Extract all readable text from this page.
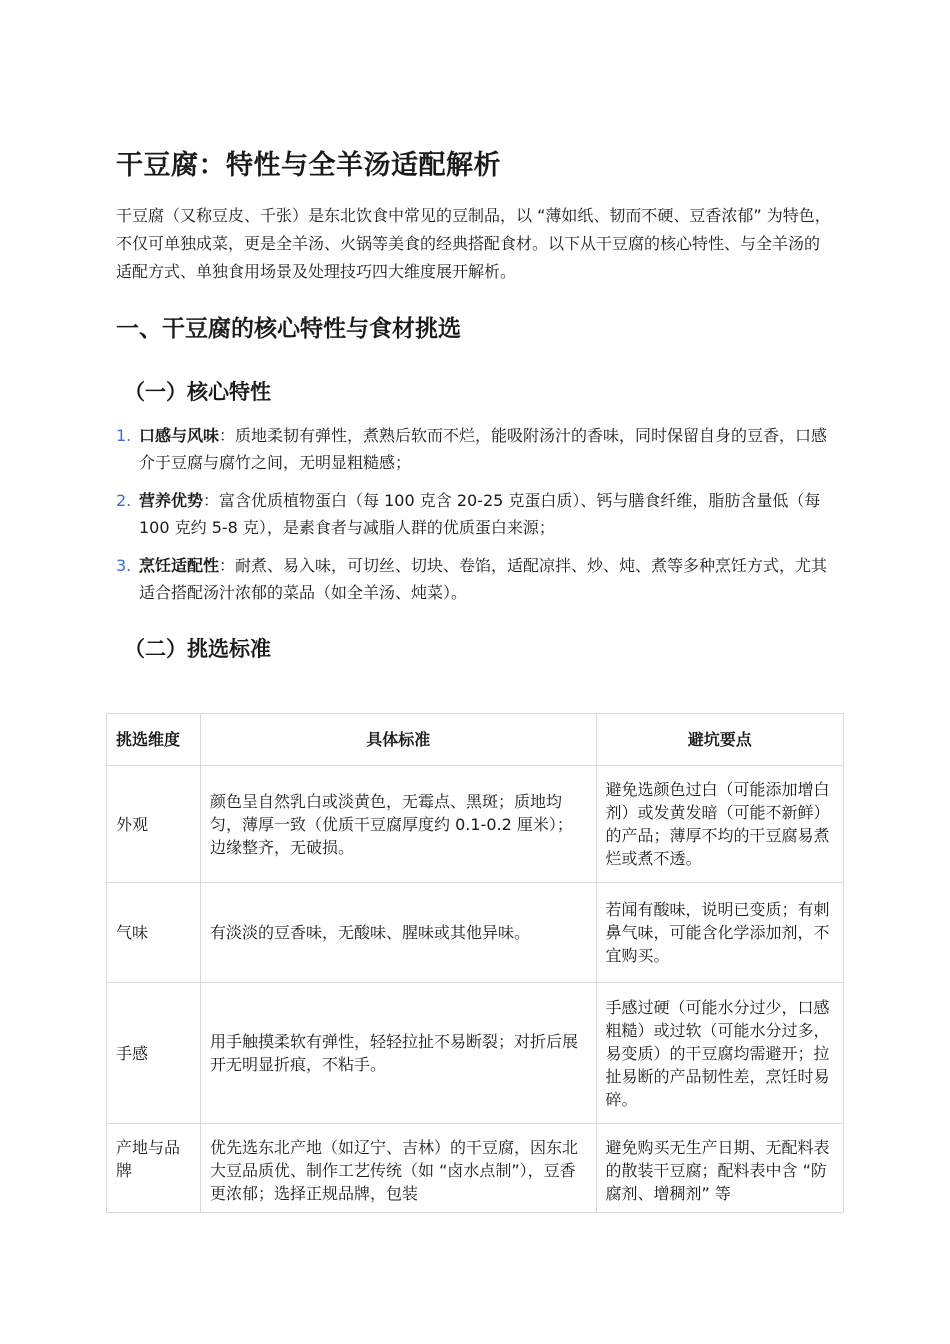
干豆腐：特性与全羊汤适配解析

干豆腐（又称豆皮、千张）是东北饮食中常见的豆制品，以 “薄如纸、韧而不硬、豆香浓郁” 为特色，不仅可单独成菜，更是全羊汤、火锅等美食的经典搭配食材。以下从干豆腐的核心特性、与全羊汤的适配方式、单独食用场景及处理技巧四大维度展开解析。

一、干豆腐的核心特性与食材挑选
（一）核心特性
1. 口感与风味：质地柔韧有弹性，煮熟后软而不烂，能吸附汤汁的香味，同时保留自身的豆香，口感介于豆腐与腐竹之间，无明显粗糙感；
2. 营养优势：富含优质植物蛋白（每 100 克含 20-25 克蛋白质）、钙与膳食纤维，脂肪含量低（每 100 克约 5-8 克），是素食者与减脂人群的优质蛋白来源；
3. 烹饪适配性：耐煮、易入味，可切丝、切块、卷馅，适配凉拌、炒、炖、煮等多种烹饪方式，尤其适合搭配汤汁浓郁的菜品（如全羊汤、炖菜）。
（二）挑选标准
挑选维度	具体标准	避坑要点
外观	颜色呈自然乳白或淡黄色，无霉点、黑斑；质地均匀，薄厚一致（优质干豆腐厚度约 0.1-0.2 厘米）；边缘整齐，无破损。	避免选颜色过白（可能添加增白剂）或发黄发暗（可能不新鲜）的产品；薄厚不均的干豆腐易煮烂或煮不透。
气味	有淡淡的豆香味，无酸味、腥味或其他异味。	若闻有酸味，说明已变质；有刺鼻气味，可能含化学添加剂，不宜购买。
手感	用手触摸柔软有弹性，轻轻拉扯不易断裂；对折后展开无明显折痕，不粘手。	手感过硬（可能水分过少，口感粗糙）或过软（可能水分过多，易变质）的干豆腐均需避开；拉扯易断的产品韧性差，烹饪时易碎。
产地与品牌	优先选东北产地（如辽宁、吉林）的干豆腐，因东北大豆品质优、制作工艺传统（如 “卤水点制”），豆香更浓郁；选择正规品牌，包装	避免购买无生产日期、无配料表的散装干豆腐；配料表中含 “防腐剂、增稠剂” 等
